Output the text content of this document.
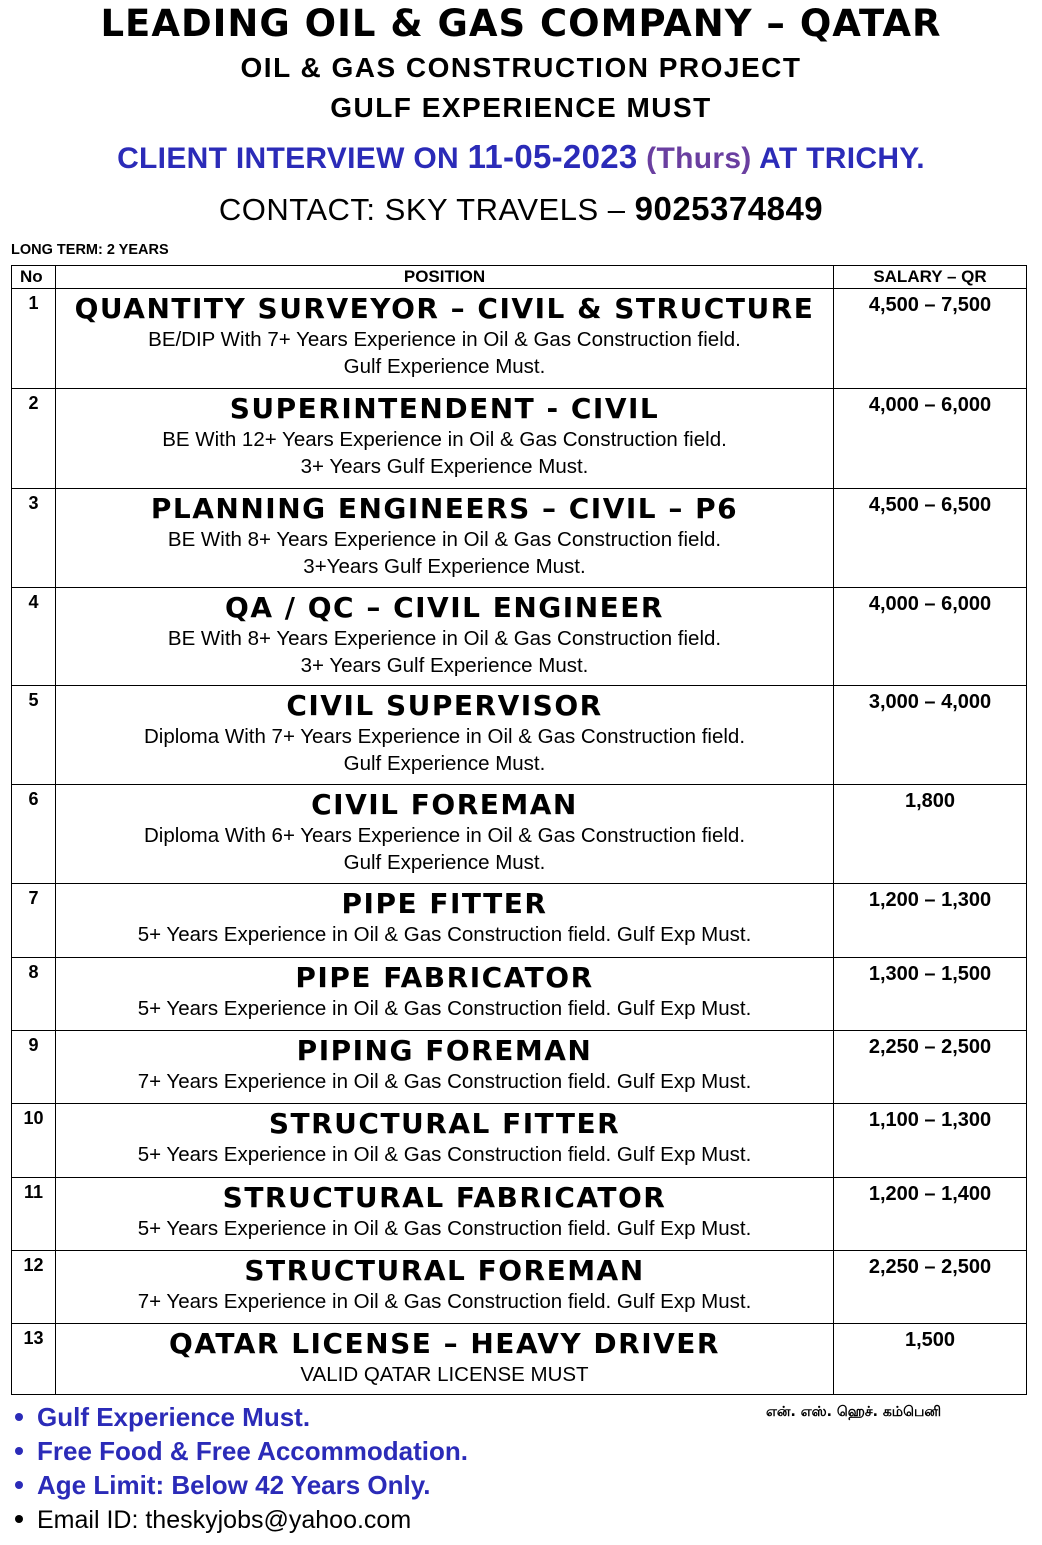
LEADING OIL & GAS COMPANY – QATAR
OIL & GAS CONSTRUCTION PROJECT
GULF EXPERIENCE MUST
CLIENT INTERVIEW ON 11-05-2023 (Thurs) AT TRICHY.
CONTACT: SKY TRAVELS – 9025374849
LONG TERM: 2 YEARS
No	POSITION	SALARY – QR
1	QUANTITY SURVEYOR – CIVIL & STRUCTURE
BE/DIP With 7+ Years Experience in Oil & Gas Construction field.
Gulf Experience Must.	4,500 – 7,500
2	SUPERINTENDENT - CIVIL
BE With 12+ Years Experience in Oil & Gas Construction field.
3+ Years Gulf Experience Must.	4,000 – 6,000
3	PLANNING ENGINEERS – CIVIL – P6
BE With 8+ Years Experience in Oil & Gas Construction field.
3+Years Gulf Experience Must.	4,500 – 6,500
4	QA / QC – CIVIL ENGINEER
BE With 8+ Years Experience in Oil & Gas Construction field.
3+ Years Gulf Experience Must.	4,000 – 6,000
5	CIVIL SUPERVISOR
Diploma With 7+ Years Experience in Oil & Gas Construction field.
Gulf Experience Must.	3,000 – 4,000
6	CIVIL FOREMAN
Diploma With 6+ Years Experience in Oil & Gas Construction field.
Gulf Experience Must.	1,800
7	PIPE FITTER
5+ Years Experience in Oil & Gas Construction field. Gulf Exp Must.	1,200 – 1,300
8	PIPE FABRICATOR
5+ Years Experience in Oil & Gas Construction field. Gulf Exp Must.	1,300 – 1,500
9	PIPING FOREMAN
7+ Years Experience in Oil & Gas Construction field. Gulf Exp Must.	2,250 – 2,500
10	STRUCTURAL FITTER
5+ Years Experience in Oil & Gas Construction field. Gulf Exp Must.	1,100 – 1,300
11	STRUCTURAL FABRICATOR
5+ Years Experience in Oil & Gas Construction field. Gulf Exp Must.	1,200 – 1,400
12	STRUCTURAL FOREMAN
7+ Years Experience in Oil & Gas Construction field. Gulf Exp Must.	2,250 – 2,500
13	QATAR LICENSE – HEAVY DRIVER
VALID QATAR LICENSE MUST	1,500
Gulf Experience Must.
Free Food & Free Accommodation.
Age Limit: Below 42 Years Only.
Email ID: theskyjobs@yahoo.com
என். எஸ். ஹெச். கம்பெனி
